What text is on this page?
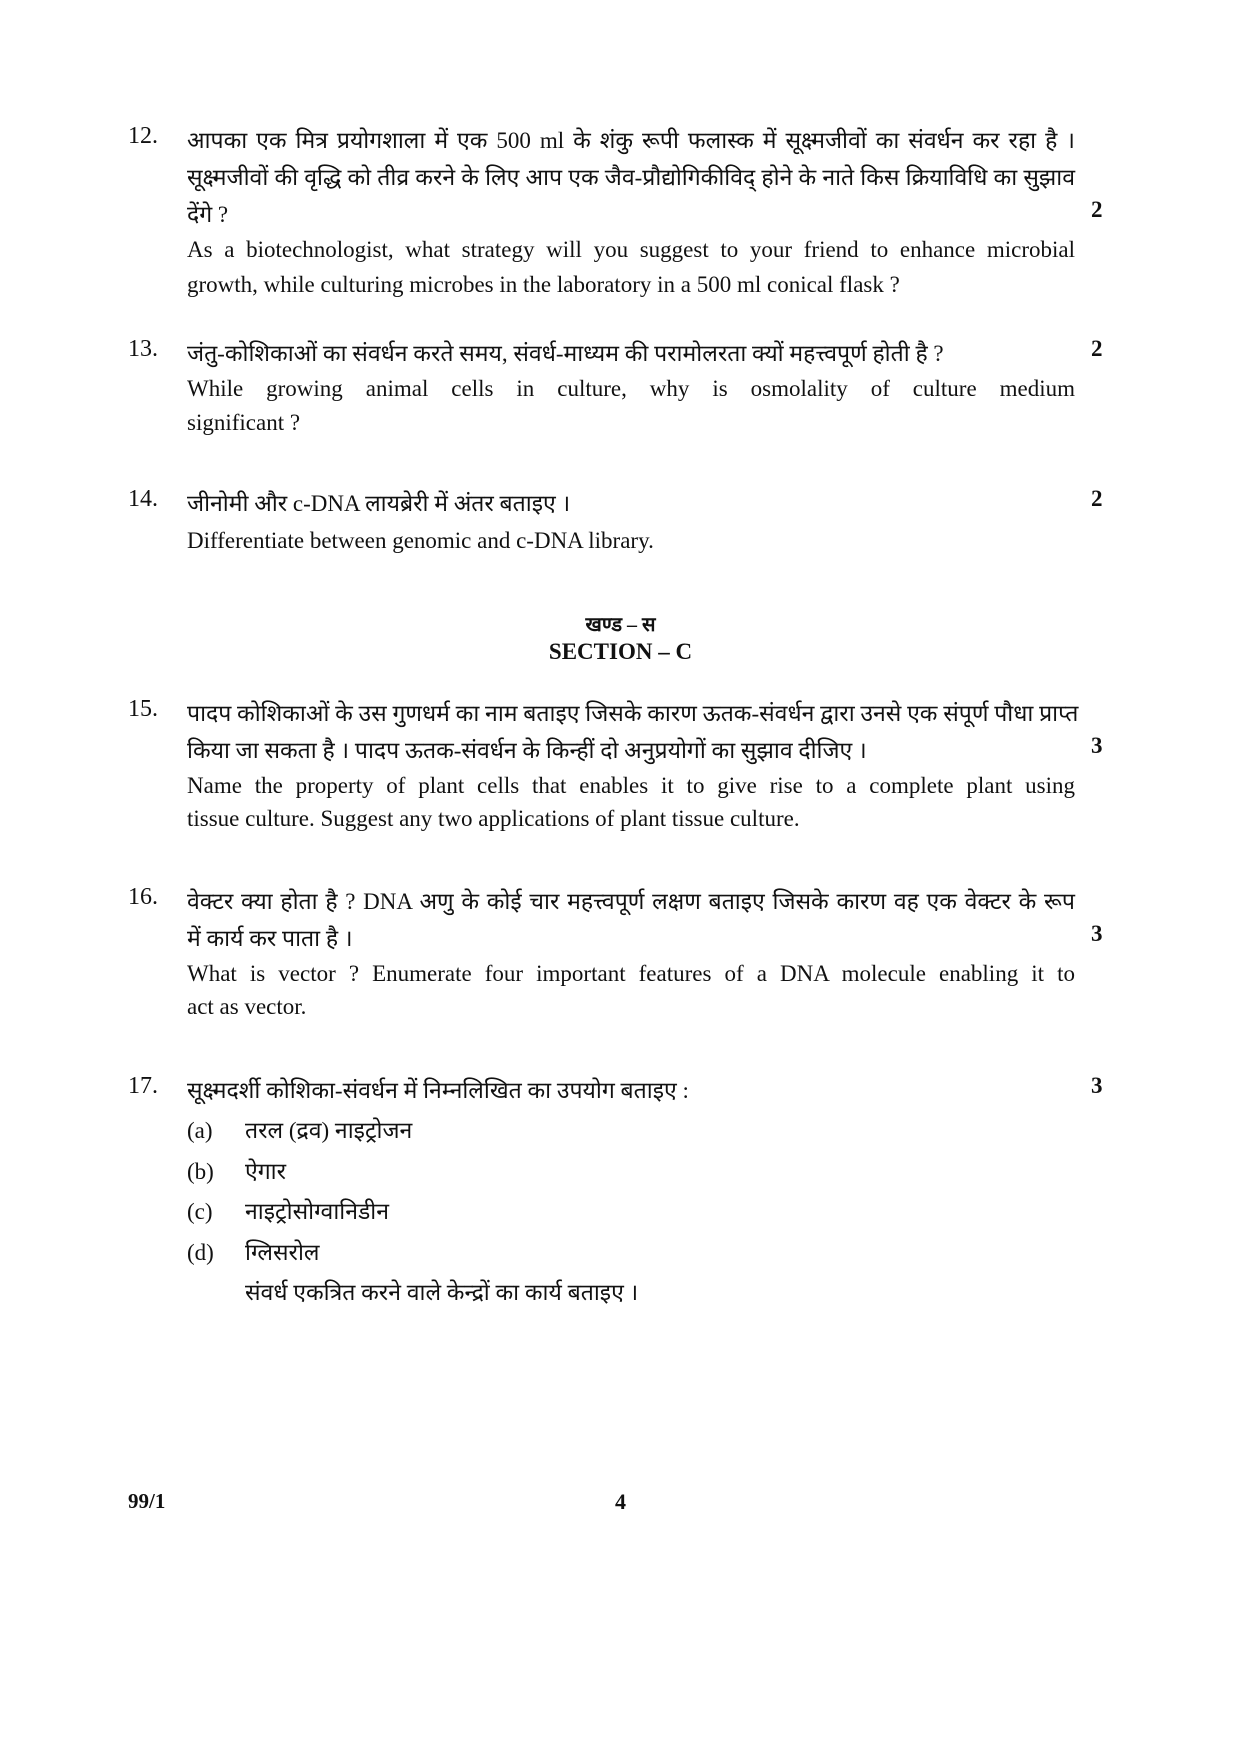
12. आपका एक मित्र प्रयोगशाला में एक 500 ml के शंकु रूपी फलास्क में सूक्ष्मजीवों का संवर्धन कर रहा है ।
सूक्ष्मजीवों की वृद्धि को तीव्र करने के लिए आप एक जैव-प्रौद्योगिकीविद् होने के नाते किस क्रियाविधि का सुझाव
देंगे ?	2
As a biotechnologist, what strategy will you suggest to your friend to enhance microbial
growth, while culturing microbes in the laboratory in a 500 ml conical flask ?
13. जंतु-कोशिकाओं का संवर्धन करते समय, संवर्ध-माध्यम की परामोलरता क्यों महत्त्वपूर्ण होती है ?	2
While growing animal cells in culture, why is osmolality of culture medium
significant ?
14. जीनोमी और c-DNA लायब्रेरी में अंतर बताइए ।	2
Differentiate between genomic and c-DNA library.
खण्ड – स
SECTION – C
15. पादप कोशिकाओं के उस गुणधर्म का नाम बताइए जिसके कारण ऊतक-संवर्धन द्वारा उनसे एक संपूर्ण पौधा प्राप्त
किया जा सकता है । पादप ऊतक-संवर्धन के किन्हीं दो अनुप्रयोगों का सुझाव दीजिए ।	3
Name the property of plant cells that enables it to give rise to a complete plant using
tissue culture. Suggest any two applications of plant tissue culture.
16. वेक्टर क्या होता है ? DNA अणु के कोई चार महत्त्वपूर्ण लक्षण बताइए जिसके कारण वह एक वेक्टर के रूप
में कार्य कर पाता है ।	3
What is vector ? Enumerate four important features of a DNA molecule enabling it to
act as vector.
17. सूक्ष्मदर्शी कोशिका-संवर्धन में निम्नलिखित का उपयोग बताइए :	3
(a) तरल (द्रव) नाइट्रोजन
(b) ऐगार
(c) नाइट्रोसोग्वानिडीन
(d) ग्लिसरोल
संवर्ध एकत्रित करने वाले केन्द्रों का कार्य बताइए ।
99/1	4
